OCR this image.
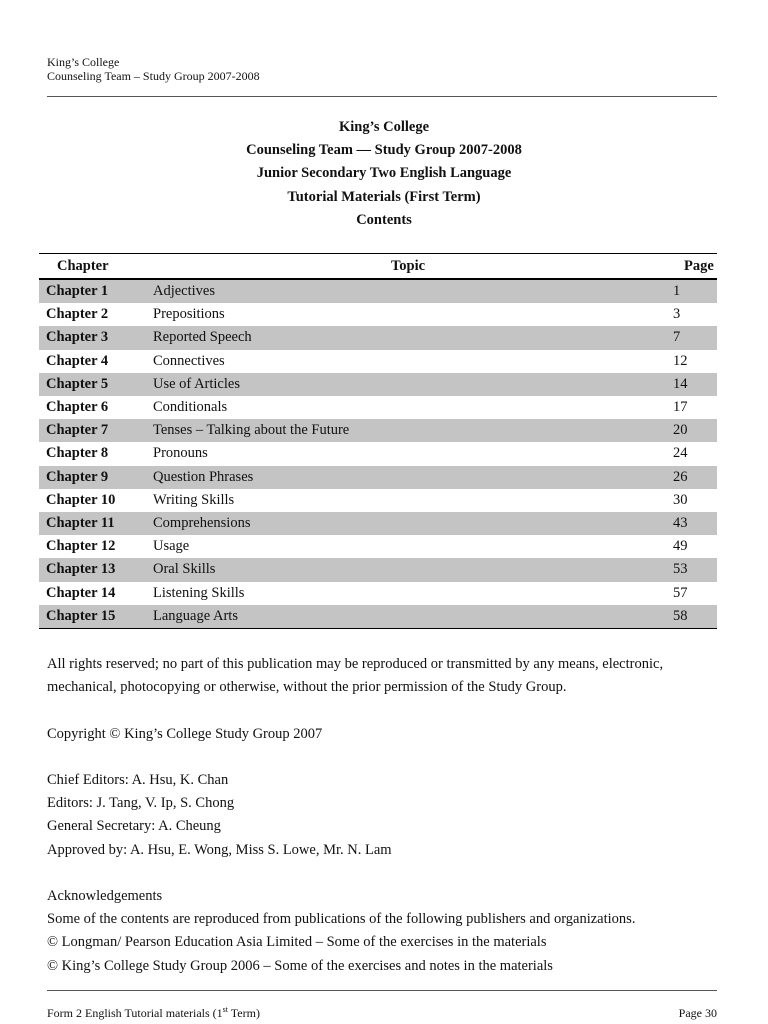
King’s College
Counseling Team – Study Group 2007-2008
King’s College
Counseling Team — Study Group 2007-2008
Junior Secondary Two English Language
Tutorial Materials (First Term)
Contents
Chapter	Topic	Page
Chapter 1	Adjectives	1
Chapter 2	Prepositions	3
Chapter 3	Reported Speech	7
Chapter 4	Connectives	12
Chapter 5	Use of Articles	14
Chapter 6	Conditionals	17
Chapter 7	Tenses – Talking about the Future	20
Chapter 8	Pronouns	24
Chapter 9	Question Phrases	26
Chapter 10	Writing Skills	30
Chapter 11	Comprehensions	43
Chapter 12	Usage	49
Chapter 13	Oral Skills	53
Chapter 14	Listening Skills	57
Chapter 15	Language Arts	58
All rights reserved; no part of this publication may be reproduced or transmitted by any means, electronic,
mechanical, photocopying or otherwise, without the prior permission of the Study Group.
Copyright © King’s College Study Group 2007
Chief Editors: A. Hsu, K. Chan
Editors: J. Tang, V. Ip, S. Chong
General Secretary: A. Cheung
Approved by: A. Hsu, E. Wong, Miss S. Lowe, Mr. N. Lam
Acknowledgements
Some of the contents are reproduced from publications of the following publishers and organizations.
© Longman/ Pearson Education Asia Limited – Some of the exercises in the materials
© King’s College Study Group 2006 – Some of the exercises and notes in the materials
Form 2 English Tutorial materials (1st Term)	Page 30
